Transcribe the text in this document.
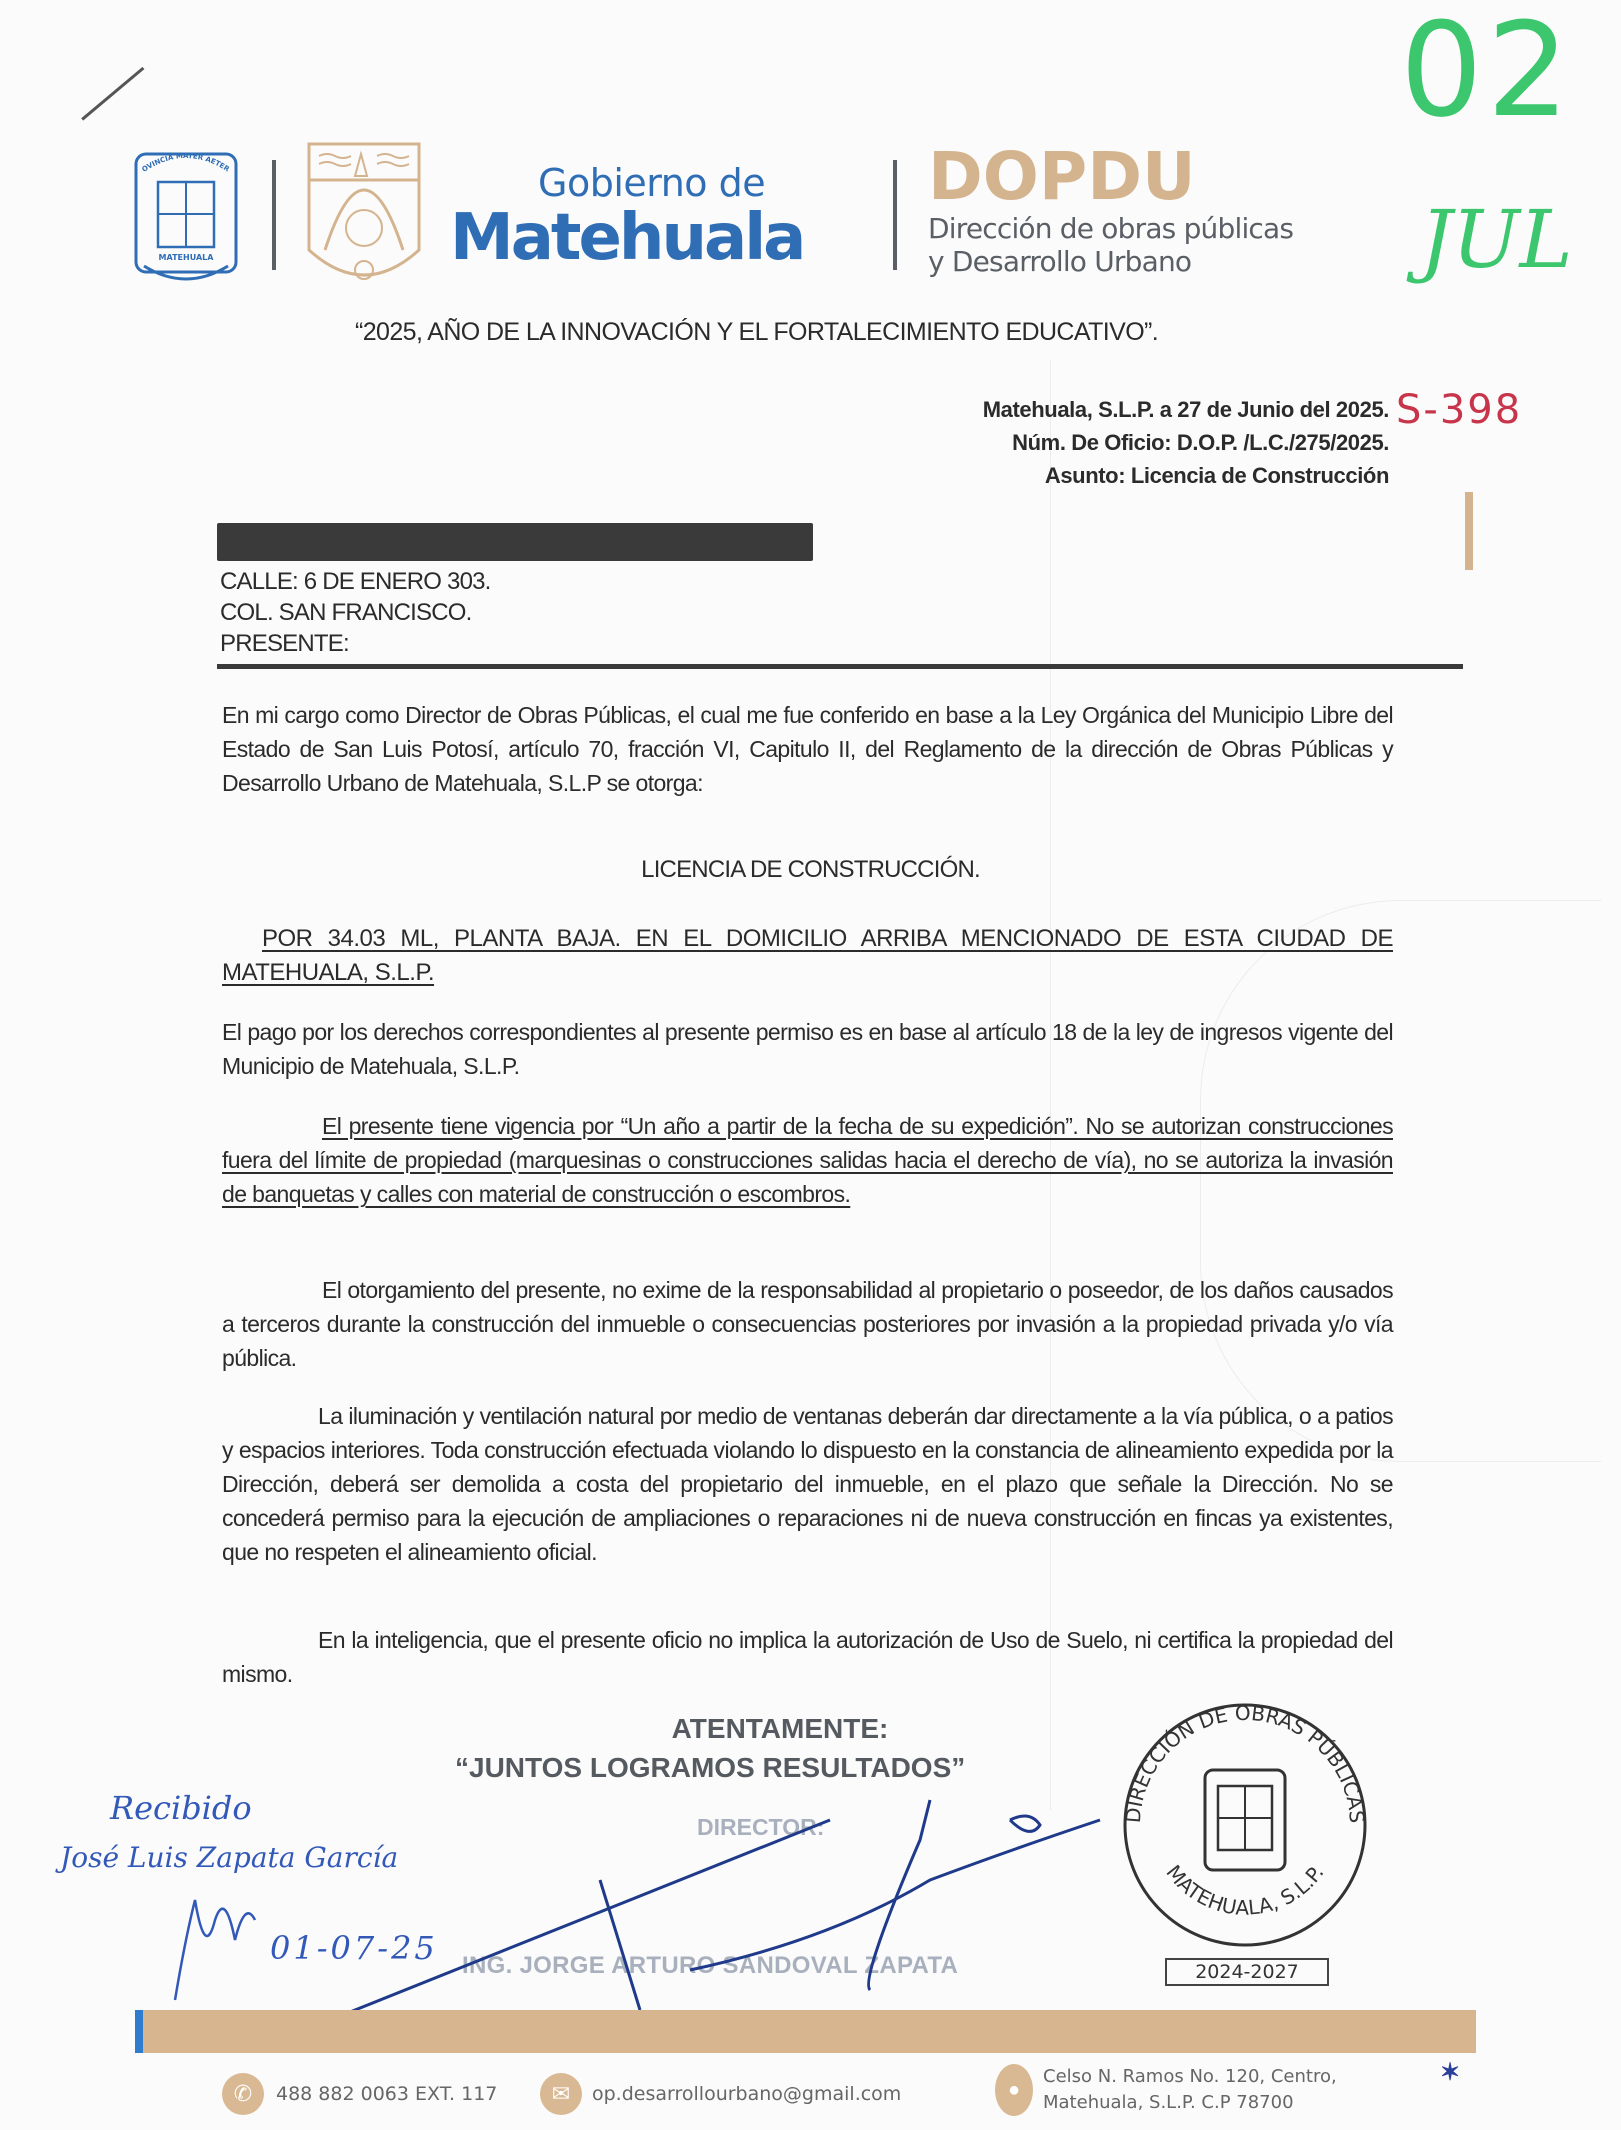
OVINCIA MATER AETER
MATEHUALA
Gobierno de
Matehuala
DOPDU
Dirección de obras públicas
y Desarrollo Urbano
02
JUL
“2025, AÑO DE LA INNOVACIÓN Y EL FORTALECIMIENTO EDUCATIVO”.
Matehuala, S.L.P. a 27 de Junio del 2025.
Núm. De Oficio: D.O.P. /L.C./275/2025.
Asunto: Licencia de Construcción
S-398
CALLE: 6 DE ENERO 303.
COL. SAN FRANCISCO.
PRESENTE:
En mi cargo como Director de Obras Públicas, el cual me fue conferido en base a la Ley Orgánica del Municipio Libre del Estado de San Luis Potosí, artículo 70, fracción VI, Capitulo II, del Reglamento de la dirección de Obras Públicas y Desarrollo Urbano de Matehuala, S.L.P se otorga:
LICENCIA DE CONSTRUCCIÓN.
POR 34.03 ML, PLANTA BAJA. EN EL DOMICILIO ARRIBA MENCIONADO DE ESTA CIUDAD DE MATEHUALA, S.L.P.
El pago por los derechos correspondientes al presente permiso es en base al artículo 18 de la ley de ingresos vigente del Municipio de Matehuala, S.L.P.
El presente tiene vigencia por “Un año a partir de la fecha de su expedición”. No se autorizan construcciones fuera del límite de propiedad (marquesinas o construcciones salidas hacia el derecho de vía), no se autoriza la invasión de banquetas y calles con material de construcción o escombros.
El otorgamiento del presente, no exime de la responsabilidad al propietario o poseedor, de los daños causados a terceros durante la construcción del inmueble o consecuencias posteriores por invasión a la propiedad privada y/o vía pública.
La iluminación y ventilación natural por medio de ventanas deberán dar directamente a la vía pública, o a patios y espacios interiores. Toda construcción efectuada violando lo dispuesto en la constancia de alineamiento expedida por la Dirección, deberá ser demolida a costa del propietario del inmueble, en el plazo que señale la Dirección. No se concederá permiso para la ejecución de ampliaciones o reparaciones ni de nueva construcción en fincas ya existentes, que no respeten el alineamiento oficial.
En la inteligencia, que el presente oficio no implica la autorización de Uso de Suelo, ni certifica la propiedad del mismo.
ATENTAMENTE:
“JUNTOS LOGRAMOS RESULTADOS”
DIRECTOR:
ING. JORGE ARTURO SANDOVAL ZAPATA
Recibido
José Luis Zapata García
01-07-25
DIRECCIÓN DE OBRAS PÚBLICAS
MATEHUALA, S.L.P.
2024-2027
✆	488 882 0063 EXT. 117	✉	op.desarrollourbano@gmail.com	●
Celso N. Ramos No. 120, Centro,
Matehuala, S.L.P. C.P 78700
✶
